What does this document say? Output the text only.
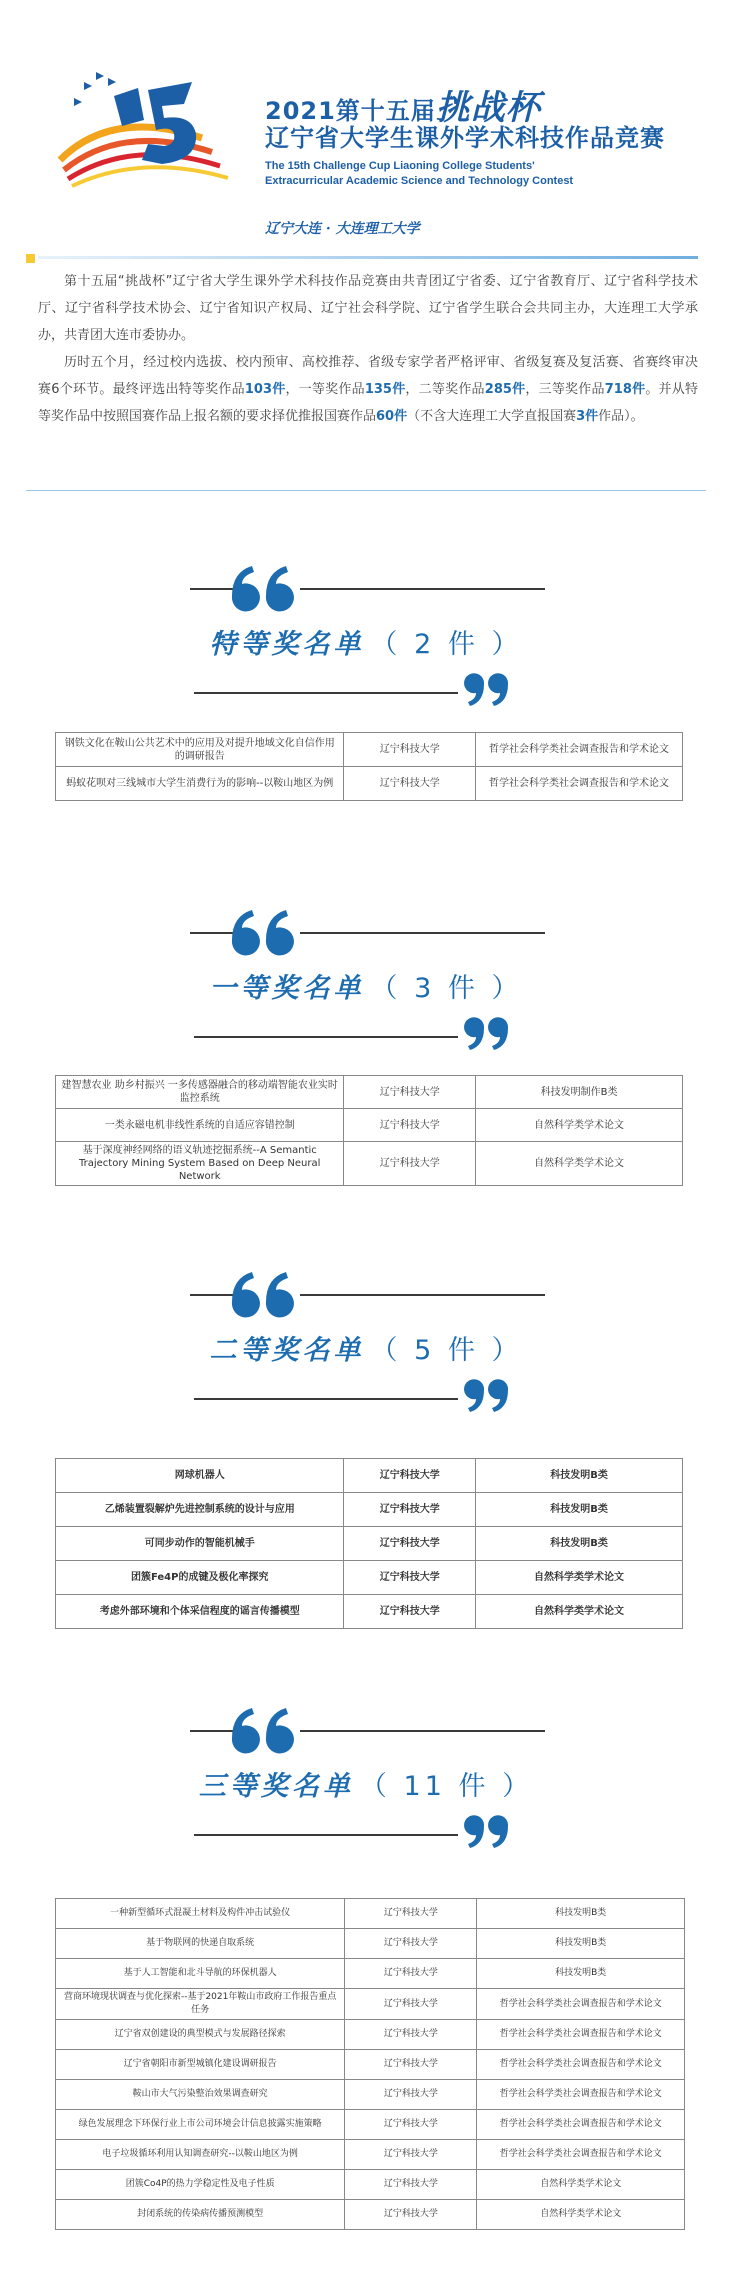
2021第十五届挑战杯
辽宁省大学生课外学术科技作品竞赛
The 15th Challenge Cup Liaoning College Students'
Extracurricular Academic Science and Technology Contest
辽宁大连 · 大连理工大学

第十五届“挑战杯”辽宁省大学生课外学术科技作品竞赛由共青团辽宁省委、辽宁省教育厅、辽宁省科学技术厅、辽宁省科学技术协会、辽宁省知识产权局、辽宁社会科学院、辽宁省学生联合会共同主办，大连理工大学承办，共青团大连市委协办。

历时五个月，经过校内选拔、校内预审、高校推荐、省级专家学者严格评审、省级复赛及复活赛、省赛终审决赛6个环节。最终评选出特等奖作品103件，一等奖作品135件，二等奖作品285件，三等奖作品718件。并从特等奖作品中按照国赛作品上报名额的要求择优推报国赛作品60件（不含大连理工大学直报国赛3件作品）。

特等奖名单 （ 2 件 ）
钢铁文化在鞍山公共艺术中的应用及对提升地域文化自信作用的调研报告	辽宁科技大学	哲学社会科学类社会调查报告和学术论文
蚂蚁花呗对三线城市大学生消费行为的影响--以鞍山地区为例	辽宁科技大学	哲学社会科学类社会调查报告和学术论文
一等奖名单 （ 3 件 ）
建智慧农业 助乡村振兴 一多传感器融合的移动端智能农业实时监控系统	辽宁科技大学	科技发明制作B类
一类永磁电机非线性系统的自适应容错控制	辽宁科技大学	自然科学类学术论文
基于深度神经网络的语义轨迹挖掘系统--A Semantic Trajectory Mining System Based on Deep Neural Network	辽宁科技大学	自然科学类学术论文
二等奖名单 （ 5 件 ）
网球机器人	辽宁科技大学	科技发明B类
乙烯装置裂解炉先进控制系统的设计与应用	辽宁科技大学	科技发明B类
可同步动作的智能机械手	辽宁科技大学	科技发明B类
团簇Fe4P的成键及极化率探究	辽宁科技大学	自然科学类学术论文
考虑外部环境和个体采信程度的谣言传播模型	辽宁科技大学	自然科学类学术论文
三等奖名单 （ 11 件 ）
一种新型循环式混凝土材料及构件冲击试验仪	辽宁科技大学	科技发明B类
基于物联网的快递自取系统	辽宁科技大学	科技发明B类
基于人工智能和北斗导航的环保机器人	辽宁科技大学	科技发明B类
营商环境现状调查与优化探索--基于2021年鞍山市政府工作报告重点任务	辽宁科技大学	哲学社会科学类社会调查报告和学术论文
辽宁省双创建设的典型模式与发展路径探索	辽宁科技大学	哲学社会科学类社会调查报告和学术论文
辽宁省朝阳市新型城镇化建设调研报告	辽宁科技大学	哲学社会科学类社会调查报告和学术论文
鞍山市大气污染整治效果调查研究	辽宁科技大学	哲学社会科学类社会调查报告和学术论文
绿色发展理念下环保行业上市公司环境会计信息披露实施策略	辽宁科技大学	哲学社会科学类社会调查报告和学术论文
电子垃圾循环利用认知调查研究--以鞍山地区为例	辽宁科技大学	哲学社会科学类社会调查报告和学术论文
团簇Co4P的热力学稳定性及电子性质	辽宁科技大学	自然科学类学术论文
封闭系统的传染病传播预测模型	辽宁科技大学	自然科学类学术论文
